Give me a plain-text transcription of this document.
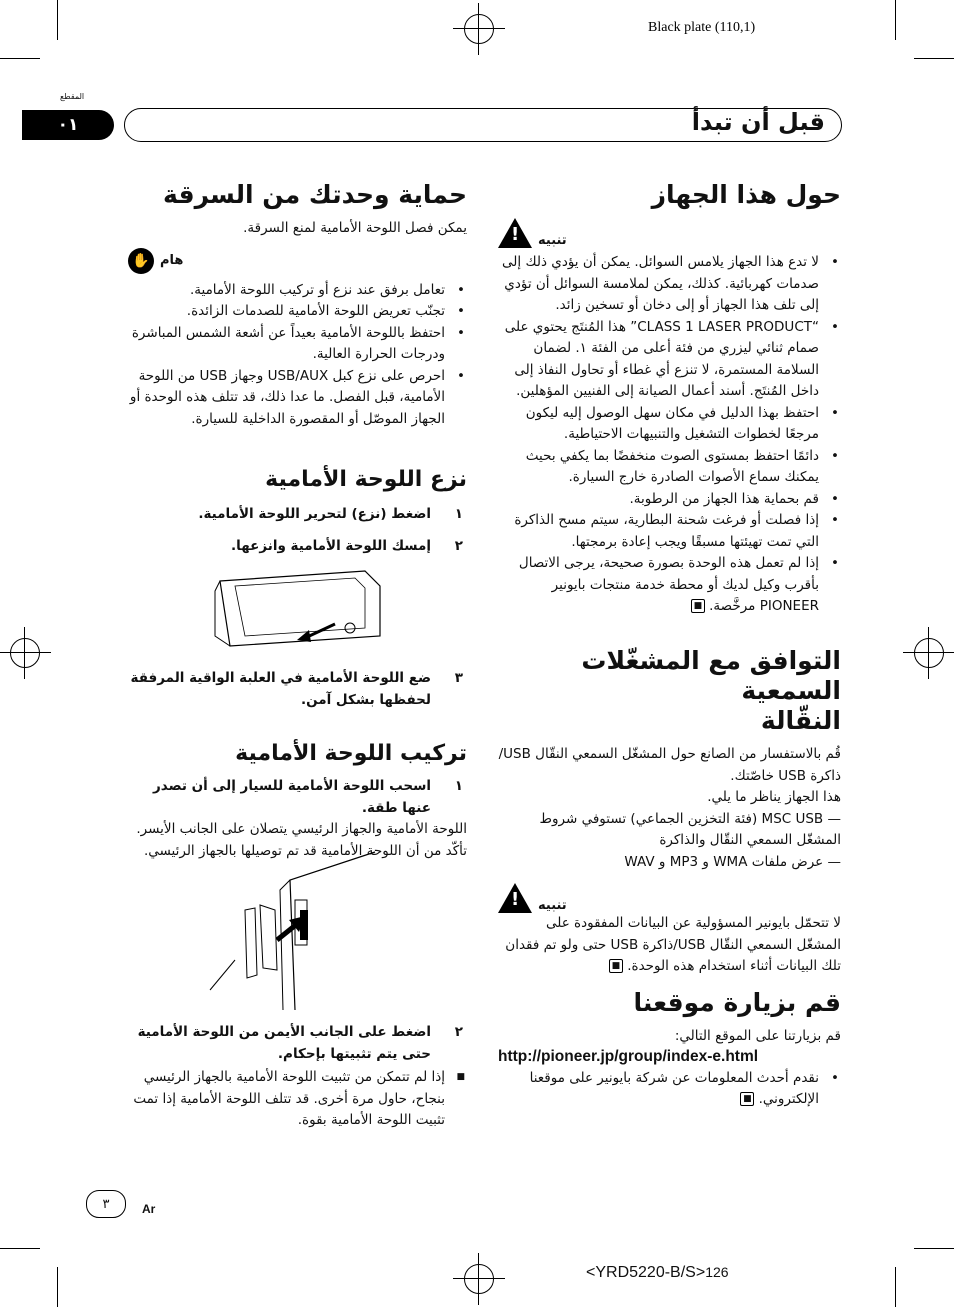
Black plate (110,1)
المقطع
٠١	قبل أن تبدأ
حول هذا الجهاز
!
تنبيه
• لا تدع هذا الجهاز يلامس السوائل. يمكن أن يؤدي ذلك إلى صدمات كهربائية. كذلك، يمكن لملامسة السوائل أن تؤدي إلى تلف هذا الجهاز أو إلى دخان أو تسخين زائد.
• “CLASS 1 LASER PRODUCT” هذا المُنتَج يحتوي على صمام ثنائي ليزري من فئة أعلى من الفئة ١. لضمان السلامة المستمرة، لا تنزع أي غطاء أو تحاول النفاذ إلى داخل المُنتَج. أسند أعمال الصيانة إلى الفنيين المؤهلين.
• احتفظ بهذا الدليل في مكان سهل الوصول إليه ليكون مرجعًا لخطوات التشغيل والتنبيهات الاحتياطية.
• دائمًا احتفظ بمستوى الصوت منخفضًا بما يكفي بحيث يمكنك سماع الأصوات الصادرة خارج السيارة.
• قم بحماية هذا الجهاز من الرطوبة.
• إذا فصلت أو فرغت شحنة البطارية، سيتم مسح الذاكرة التي تمت تهيئتها مسبقًا ويجب إعادة برمجتها.
• إذا لم تعمل هذه الوحدة بصورة صحيحة، يرجى الاتصال بأقرب وكيل لديك أو محطة خدمة منتجات بايونير PIONEER مرخَّصة. ■
التوافق مع المشغّلات السمعية
النقّالة
قُم بالاستفسار من الصانع حول المشغّل السمعي النقّال USB/
ذاكرة USB خاصّتك.
هذا الجهاز يناظر ما يلي.
— MSC USB (فئة التخزين الجماعي) تستوفي شروط
المشغّل السمعي النقّال والذاكرة
— عرض ملفات WMA و MP3 و WAV
!
تنبيه
لا تتحمّل بايونير المسؤولية عن البيانات المفقودة على المشغّل السمعي النقّال USB/ذاكرة USB حتى ولو تم فقدان تلك البيانات أثناء استخدام هذه الوحدة. ■
قم بزيارة موقعنا
قم بزيارتنا على الموقع التالي:
http://pioneer.jp/group/index-e.html
• نقدم أحدث المعلومات عن شركة بايونير على موقعنا الإلكتروني. ■
حماية وحدتك من السرقة
يمكن فصل اللوحة الأمامية لمنع السرقة.
✋ هام
• تعامل برفق عند نزع أو تركيب اللوحة الأمامية.
• تجنّب تعريض اللوحة الأمامية للصدمات الزائدة.
• احتفظ باللوحة الأمامية بعيداً عن أشعة الشمس المباشرة ودرجات الحرارة العالية.
• احرص على نزع كبل USB/AUX وجهاز USB من اللوحة الأمامية، قبل الفصل. ما عدا ذلك، قد تتلف هذه الوحدة أو الجهاز الموصّل أو المقصورة الداخلية للسيارة.
نزع اللوحة الأمامية
١
اضغط (نزع) لتحرير اللوحة الأمامية.
٢
إمسك اللوحة الأمامية وانزعها.
٣
ضع اللوحة الأمامية في العلبة الواقية المرفقة لحفظها بشكل آمن.
تركيب اللوحة الأمامية
١
اسحب اللوحة الأمامية للسيار إلى أن تصدر عنها طقة.
اللوحة الأمامية والجهاز الرئيسي يتصلان على الجانب الأيسر. تأكّد من أن اللوحة الأمامية قد تم توصيلها بالجهاز الرئيسي.
٢
اضغط على الجانب الأيمن من اللوحة الأمامية حتى يتم تثبيتها بإحكام.
■
إذا لم تتمكن من تثبيت اللوحة الأمامية بالجهاز الرئيسي بنجاح، حاول مرة أخرى. قد تتلف اللوحة الأمامية إذا تمت تثبيت اللوحة الأمامية بقوة.
٣	Ar
<YRD5220-B/S>126
